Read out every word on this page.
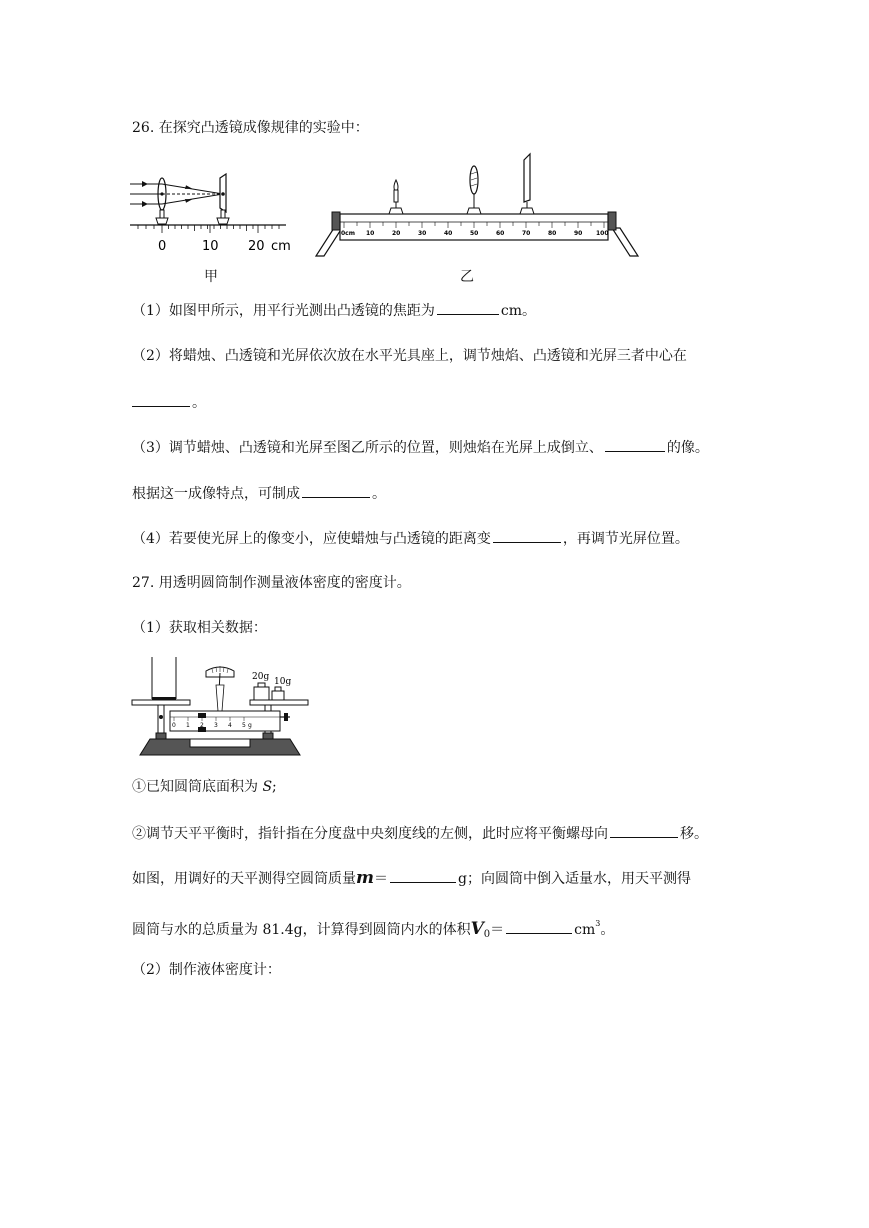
26. 在探究凸透镜成像规律的实验中：
0	10 20 cm
甲
0cm 10	20	30	40	50	60	70	80	90 100
乙
（1）如图甲所示，用平行光测出凸透镜的焦距为	cm。
（2）将蜡烛、凸透镜和光屏依次放在水平光具座上，调节烛焰、凸透镜和光屏三者中心在
。
（3）调节蜡烛、凸透镜和光屏至图乙所示的位置，则烛焰在光屏上成倒立、	的像。
根据这一成像特点，可制成	。
（4）若要使光屏上的像变小，应使蜡烛与凸透镜的距离变	，再调节光屏位置。
27. 用透明圆筒制作测量液体密度的密度计。
（1）获取相关数据：
20g 10g
0 1 2 3 4 5 g
①已知圆筒底面积为 S;
②调节天平平衡时，指针指在分度盘中央刻度线的左侧，此时应将平衡螺母向	移。
如图，用调好的天平测得空圆筒质量m＝	g；向圆筒中倒入适量水，用天平测得
圆筒与水的总质量为 81.4g，计算得到圆筒内水的体积$V_0=$	$cm^3$。
（2）制作液体密度计：
